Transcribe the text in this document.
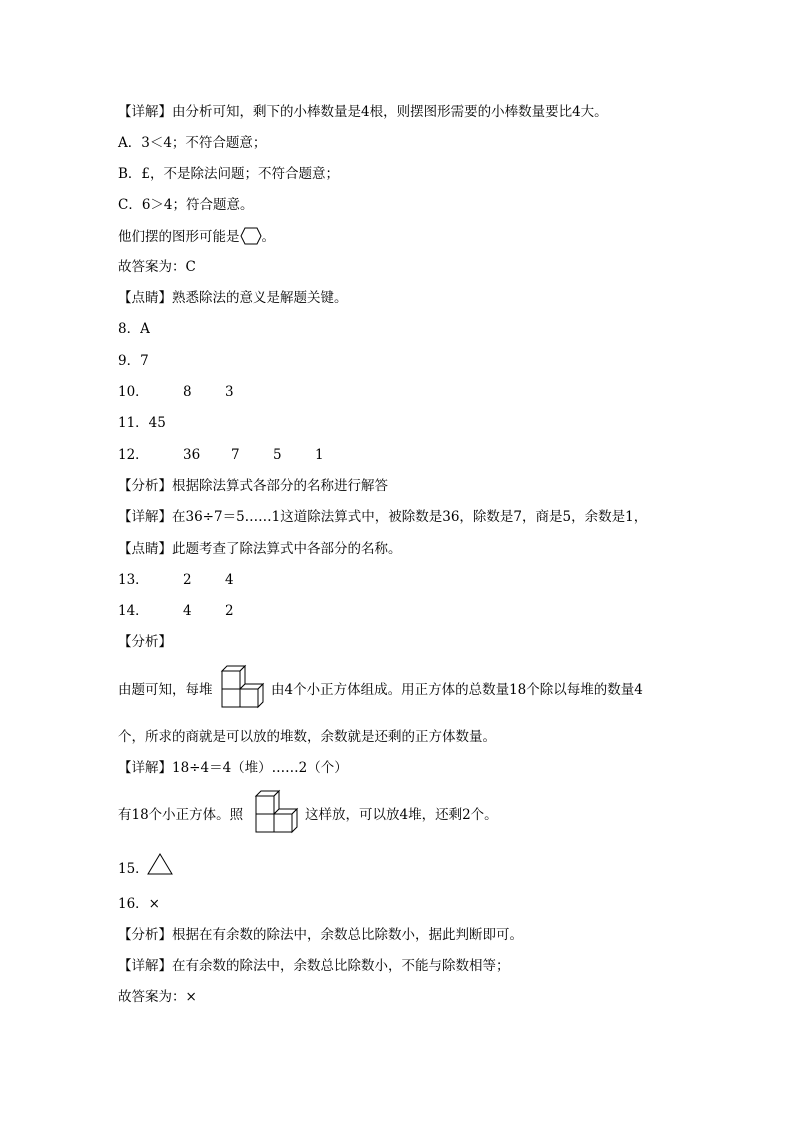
【详解】由分析可知，剩下的小棒数量是4根，则摆图形需要的小棒数量要比4大。
A．3＜4；不符合题意；
B．£，不是除法问题；不符合题意；
C．6＞4；符合题意。
他们摆的图形可能是 。
故答案为：C
【点睛】熟悉除法的意义是解题关键。
8．A
9．7
10．	8 3
11．45
12．	36 7 5 1
【分析】根据除法算式各部分的名称进行解答
【详解】在36÷7＝5……1这道除法算式中，被除数是36，除数是7，商是5，余数是1，
【点睛】此题考查了除法算式中各部分的名称。
13．	2 4
14．	4 2
【分析】
由题可知，每堆	由4个小正方体组成。用正方体的总数量18个除以每堆的数量4
个，所求的商就是可以放的堆数，余数就是还剩的正方体数量。
【详解】18÷4＝4（堆）……2（个）
有18个小正方体。照	这样放，可以放4堆，还剩2个。
15．
16．×
【分析】根据在有余数的除法中，余数总比除数小，据此判断即可。
【详解】在有余数的除法中，余数总比除数小，不能与除数相等；
故答案为：×
